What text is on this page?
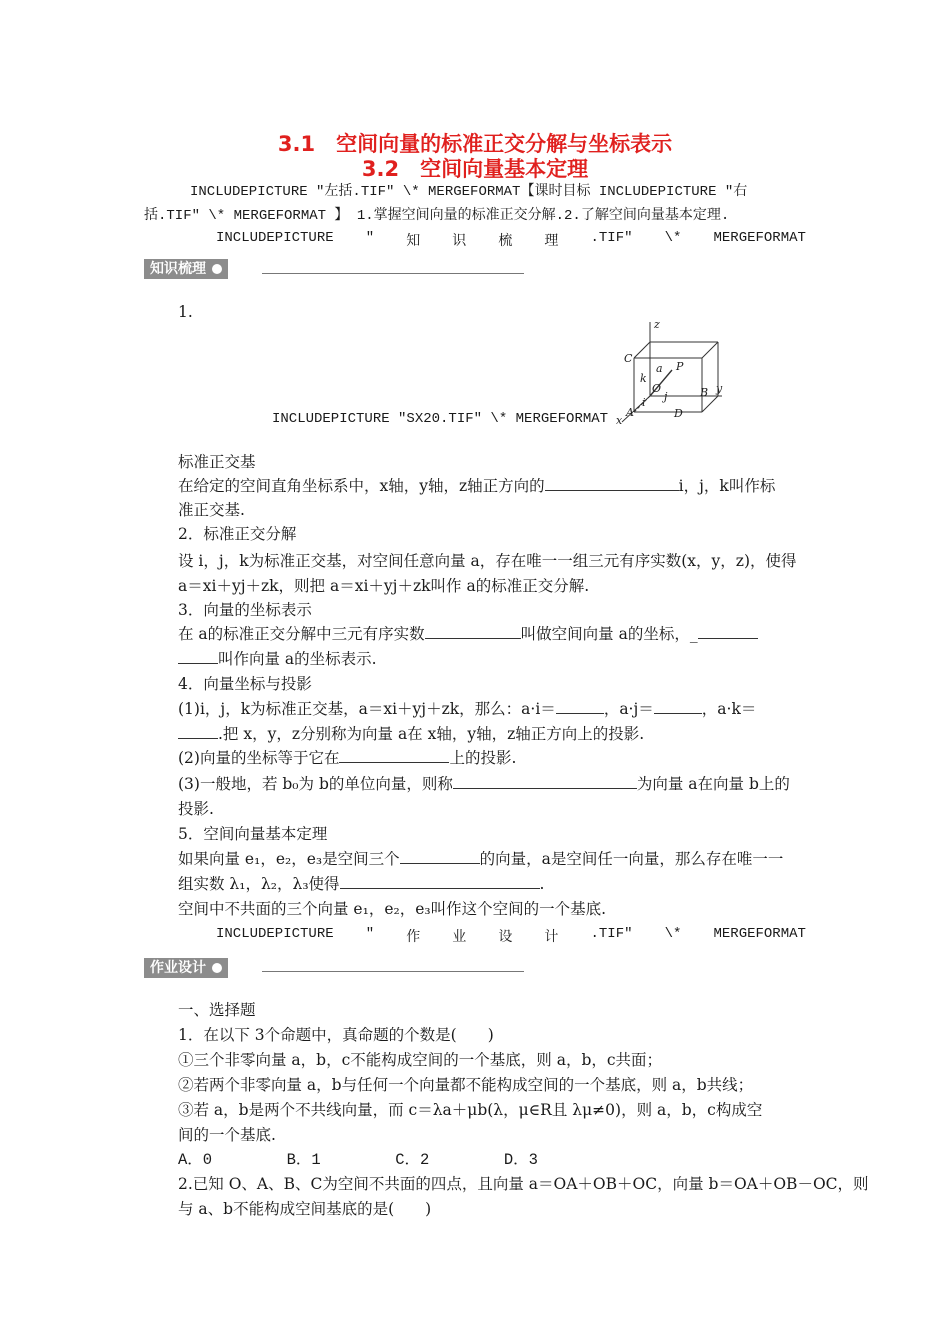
3.1　空间向量的标准正交分解与坐标表示
3.2　空间向量基本定理
INCLUDEPICTURE "左括.TIF" \* MERGEFORMAT【课时目标 INCLUDEPICTURE "右
括.TIF" \* MERGEFORMAT 】 1.掌握空间向量的标准正交分解.2.了解空间向量基本定理.
INCLUDEPICTURE " 知 识 梳 理 .TIF" \* MERGEFORMAT
知识梳理
1.
z
y
x
C
P
B
A	D
O
k
i j
a
INCLUDEPICTURE "SX20.TIF" \* MERGEFORMAT
标准正交基
在给定的空间直角坐标系中，x轴，y轴，z轴正方向的	i，j，k叫作标
准正交基.
2．标准正交分解
设 i，j，k为标准正交基，对空间任意向量 a，存在唯一一组三元有序实数(x，y，z)，使得
a＝xi＋yj＋zk，则把 a＝xi＋yj＋zk叫作 a的标准正交分解.
3．向量的坐标表示
在 a的标准正交分解中三元有序实数	叫做空间向量 a的坐标，_
叫作向量 a的坐标表示.
4．向量坐标与投影
(1)i，j，k为标准正交基，a＝xi＋yj＋zk，那么：a·i＝	，a·j＝	，a·k＝
.把 x，y，z分别称为向量 a在 x轴，y轴，z轴正方向上的投影.
(2)向量的坐标等于它在	上的投影.
(3)一般地，若 b₀为 b的单位向量，则称	为向量 a在向量 b上的
投影.
5．空间向量基本定理
如果向量 e₁，e₂，e₃是空间三个	的向量，a是空间任一向量，那么存在唯一一
组实数 λ₁，λ₂，λ₃使得	.
空间中不共面的三个向量 e₁，e₂，e₃叫作这个空间的一个基底.
INCLUDEPICTURE " 作 业 设 计 .TIF" \* MERGEFORMAT
作业设计
一、选择题
1．在以下 3个命题中，真命题的个数是(　　)
①三个非零向量 a，b，c不能构成空间的一个基底，则 a，b，c共面；
②若两个非零向量 a，b与任何一个向量都不能构成空间的一个基底，则 a，b共线；
③若 a，b是两个不共线向量，而 c＝λa＋μb(λ，μ∈R且 λμ≠0)，则 a，b，c构成空
间的一个基底.
A．0	B．1	C．2	D．3
2.已知 O、A、B、C为空间不共面的四点，且向量 a＝OA＋OB＋OC，向量 b＝OA＋OB－OC，则
与 a、b不能构成空间基底的是(　　)
